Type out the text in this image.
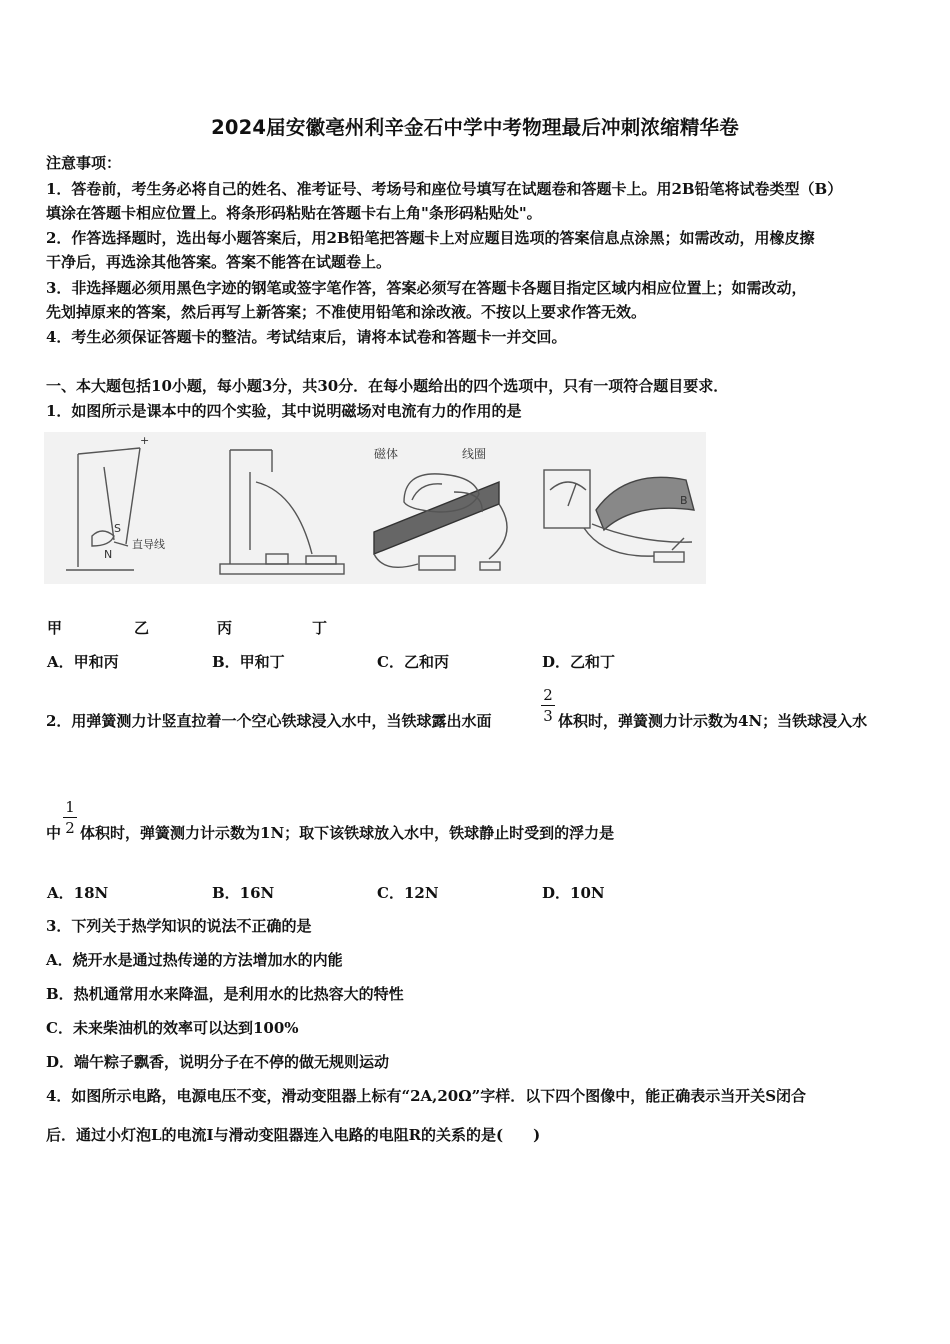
2024届安徽亳州利辛金石中学中考物理最后冲刺浓缩精华卷
注意事项：
1．答卷前，考生务必将自己的姓名、准考证号、考场号和座位号填写在试题卷和答题卡上。用2B铅笔将试卷类型（B）
填涂在答题卡相应位置上。将条形码粘贴在答题卡右上角"条形码粘贴处"。
2．作答选择题时，选出每小题答案后，用2B铅笔把答题卡上对应题目选项的答案信息点涂黑；如需改动，用橡皮擦
干净后，再选涂其他答案。答案不能答在试题卷上。
3．非选择题必须用黑色字迹的钢笔或签字笔作答，答案必须写在答题卡各题目指定区域内相应位置上；如需改动，
先划掉原来的答案，然后再写上新答案；不准使用铅笔和涂改液。不按以上要求作答无效。
4．考生必须保证答题卡的整洁。考试结束后，请将本试卷和答题卡一并交回。
一、本大题包括10小题，每小题3分，共30分．在每小题给出的四个选项中，只有一项符合题目要求．
1．如图所示是课本中的四个实验，其中说明磁场对电流有力的作用的是
S
N
直导线
+
磁体	线圈
B
甲	乙	丙	丁
A．甲和丙	B．甲和丁	C．乙和丙	D．乙和丁
2．用弹簧测力计竖直拉着一个空心铁球浸入水中，当铁球露出水面
2
3 体积时，弹簧测力计示数为4N；当铁球浸入水
中
1
2 体积时，弹簧测力计示数为1N；取下该铁球放入水中，铁球静止时受到的浮力是
A．18N	B．16N	C．12N	D．10N
3．下列关于热学知识的说法不正确的是
A．烧开水是通过热传递的方法增加水的内能
B．热机通常用水来降温，是利用水的比热容大的特性
C．未来柴油机的效率可以达到100%
D．端午粽子飘香，说明分子在不停的做无规则运动
4．如图所示电路，电源电压不变，滑动变阻器上标有“2A,20Ω”字样．以下四个图像中，能正确表示当开关S闭合
后．通过小灯泡L的电流I与滑动变阻器连入电路的电阻R的关系的是(　　)
